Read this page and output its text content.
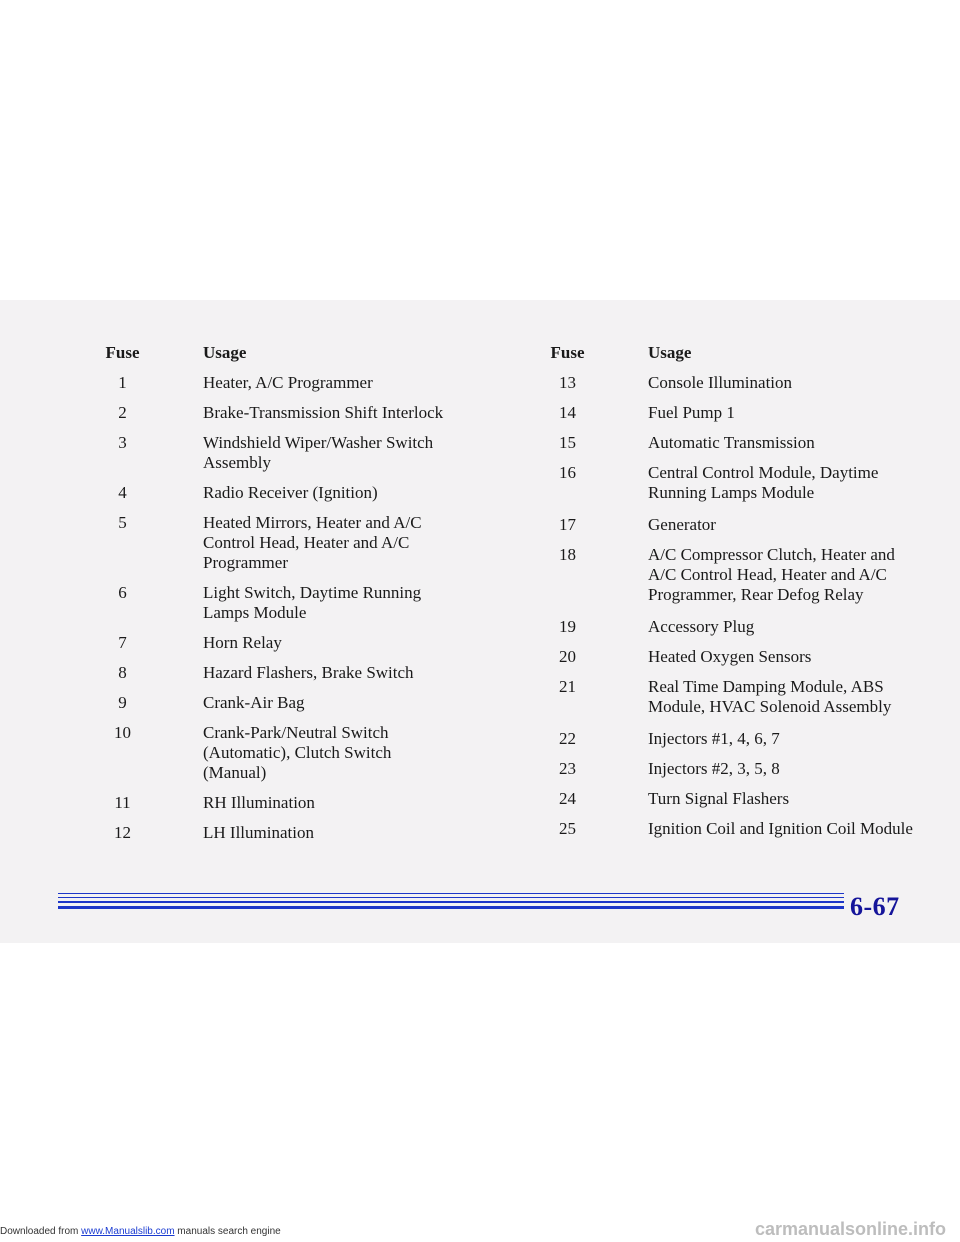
Fuse	Usage
1	Heater, A/C Programmer
2	Brake-Transmission Shift Interlock
3	Windshield Wiper/Washer Switch Assembly
4	Radio Receiver (Ignition)
5	Heated Mirrors, Heater and A/C Control Head, Heater and A/C Programmer
6	Light Switch, Daytime Running Lamps Module
7	Horn Relay
8	Hazard Flashers, Brake Switch
9	Crank-Air Bag
10	Crank-Park/Neutral Switch (Automatic), Clutch Switch (Manual)
11	RH Illumination
12	LH Illumination
Fuse	Usage
13	Console Illumination
14	Fuel Pump 1
15	Automatic Transmission
16	Central Control Module, Daytime Running Lamps Module
17	Generator
18	A/C Compressor Clutch, Heater and A/C Control Head, Heater and A/C Programmer, Rear Defog Relay
19	Accessory Plug
20	Heated Oxygen Sensors
21	Real Time Damping Module, ABS Module, HVAC Solenoid Assembly
22	Injectors #1, 4, 6, 7
23	Injectors #2, 3, 5, 8
24	Turn Signal Flashers
25	Ignition Coil and Ignition Coil Module
6-67
Downloaded from www.Manualslib.com manuals search engine	carmanualsonline.info
